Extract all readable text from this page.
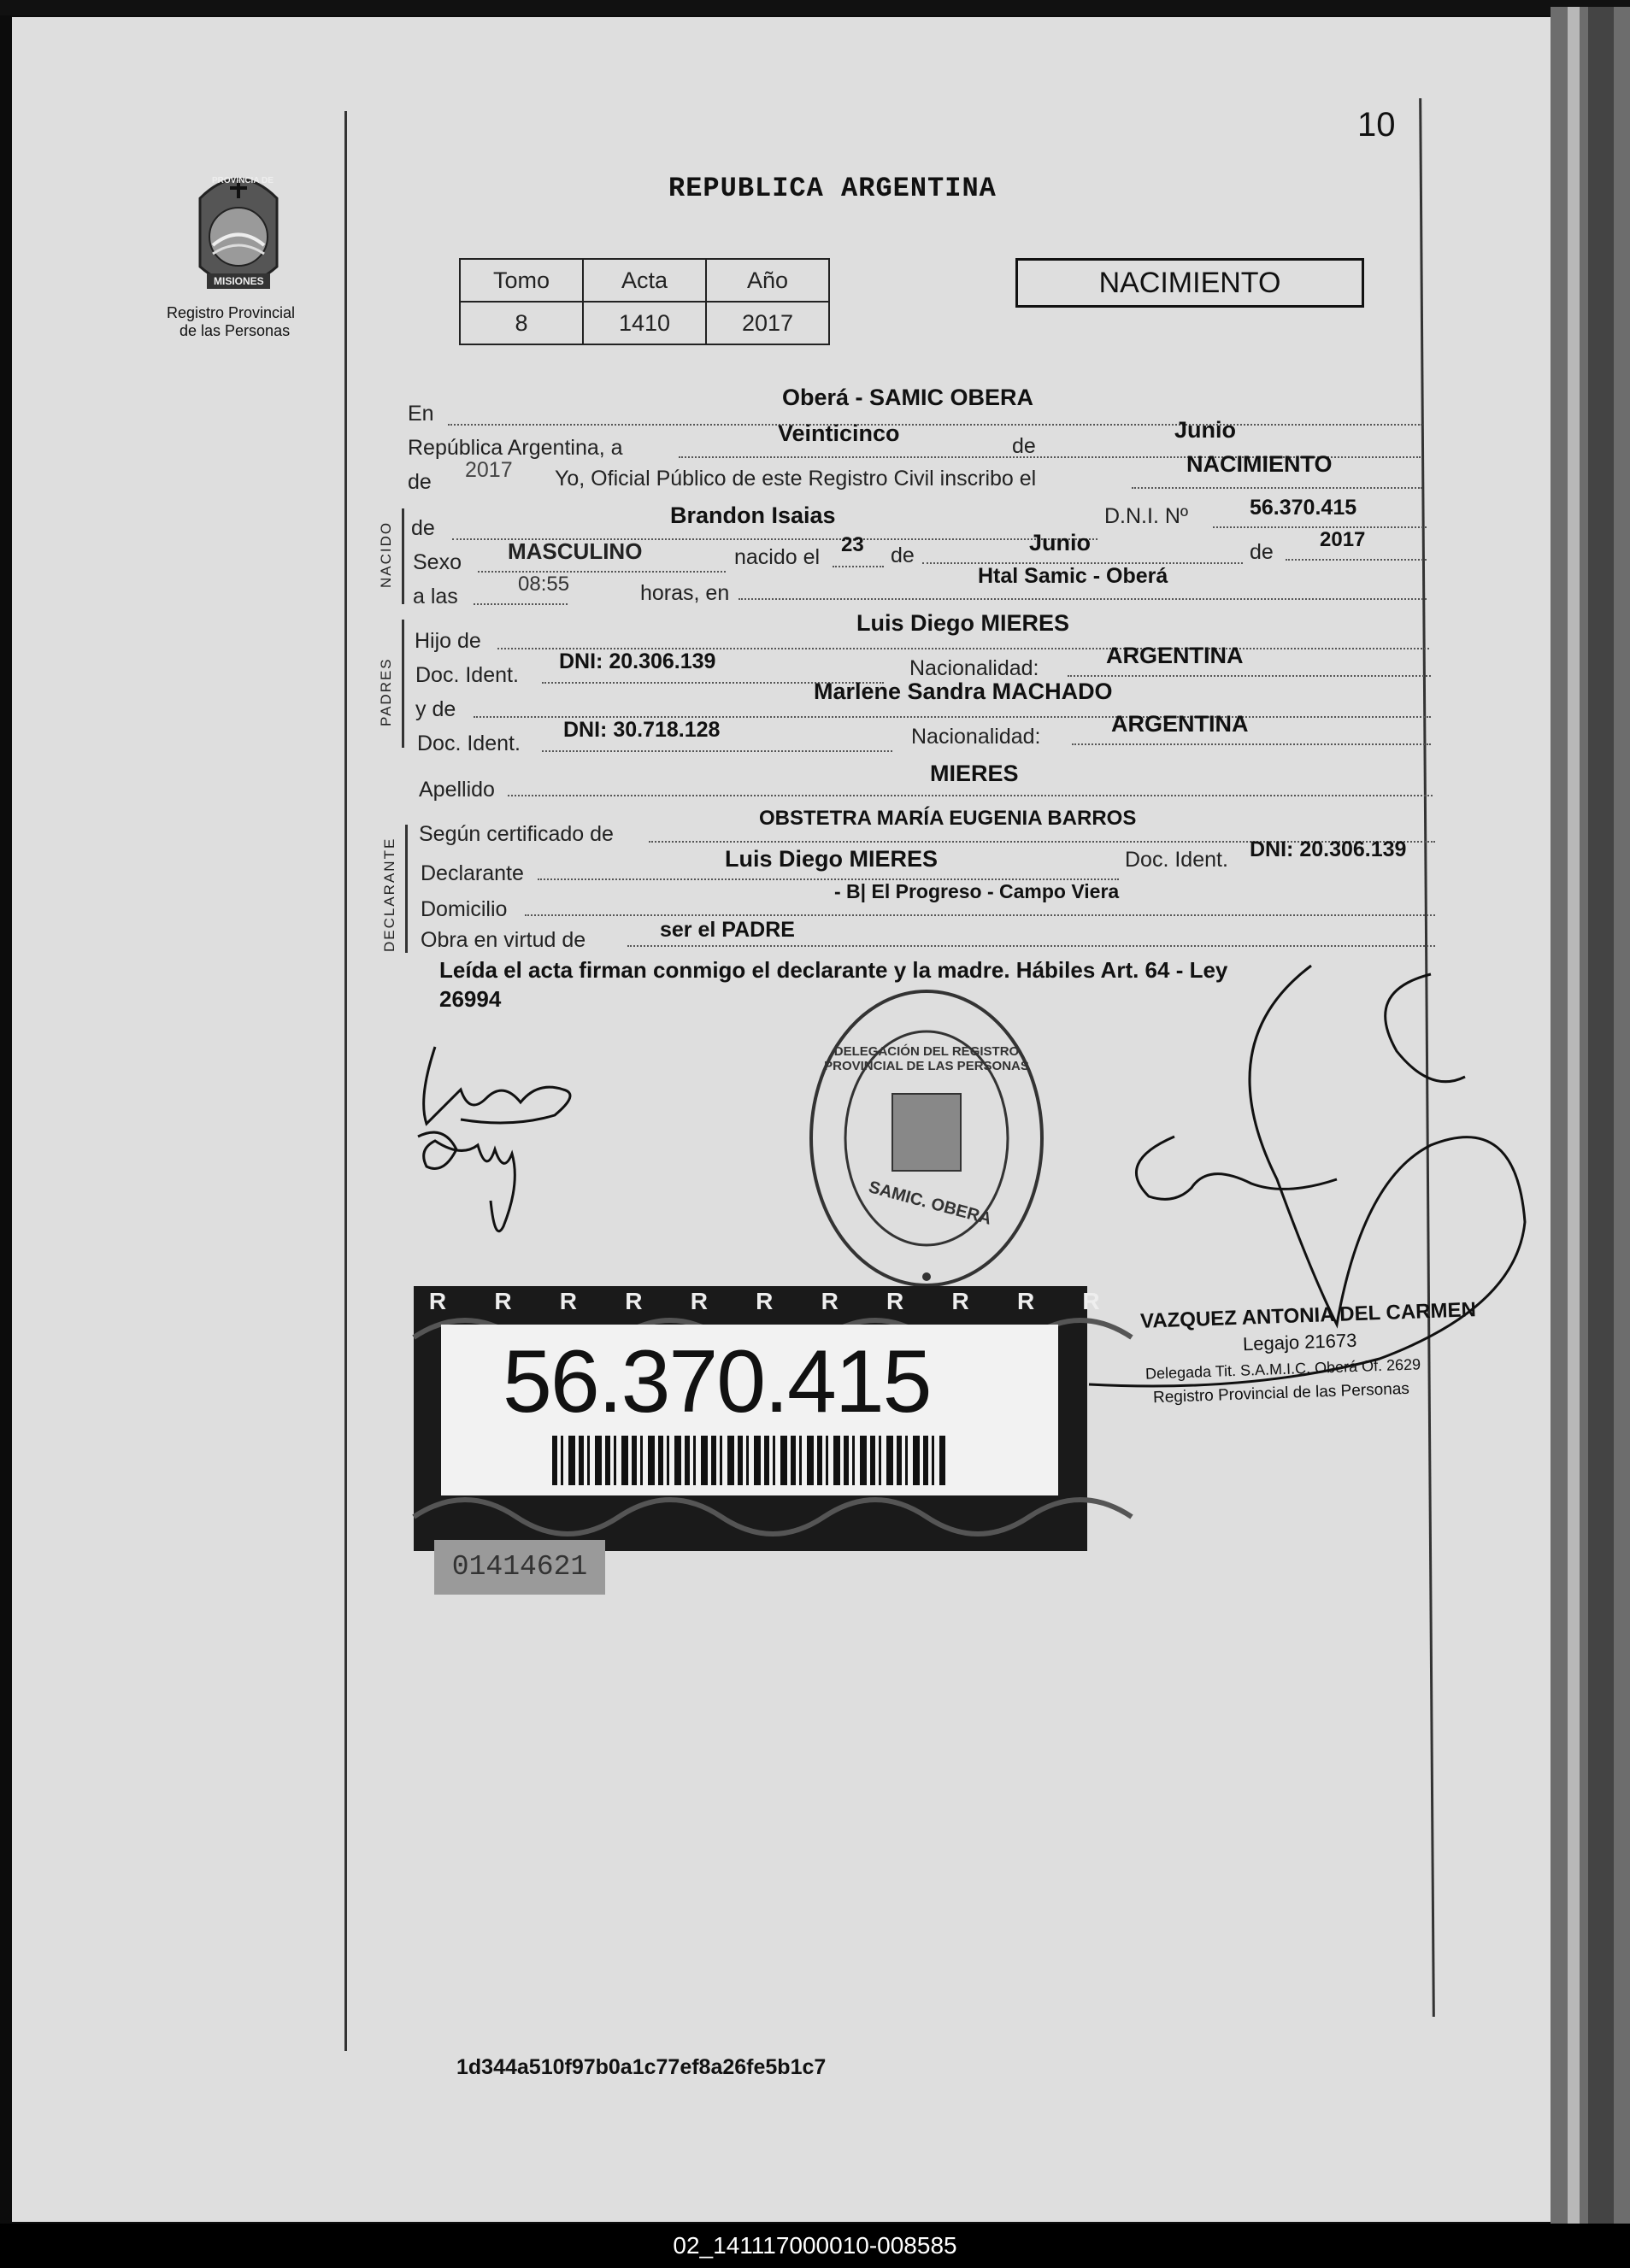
10
PROVINCIA DE
MISIONES
Registro Provincial
de las Personas
REPUBLICA ARGENTINA
Tomo	Acta	Año
8	1410	2017
NACIMIENTO
En
Oberá - SAMIC OBERA
República Argentina, a
Veinticinco	de
Junio
de 2017 Yo, Oficial Público de este Registro Civil inscribo el
NACIMIENTO
NACIDO de	Brandon Isaias	D.N.I. Nº	56.370.415
Sexo MASCULINO	nacido el
23 de	Junio	de
2017
a las
08:55	horas, en
Htal Samic - Oberá
PADRES
Hijo de
Luis Diego MIERES
Doc. Ident.
DNI: 20.306.139	Nacionalidad:	ARGENTINA
y de
Marlene Sandra MACHADO
Doc. Ident.
DNI: 30.718.128	Nacionalidad:	ARGENTINA
Apellido
MIERES
DECLARANTE
Según certificado de
OBSTETRA MARÍA EUGENIA BARROS
Declarante
Luis Diego MIERES	Doc. Ident. DNI: 20.306.139
Domicilio
- B| El Progreso - Campo Viera
Obra en virtud de	ser el PADRE
Leída el acta firman conmigo el declarante y la madre. Hábiles Art. 64 - Ley
26994
DELEGACIÓN DEL REGISTRO PROVINCIAL DE LAS PERSONAS
SAMIC. OBERA
VAZQUEZ ANTONIA DEL CARMEN
Legajo 21673
Delegada Tit. S.A.M.I.C. Oberá Of. 2629
Registro Provincial de las Personas
R R R R R R R R R R R
56.370.415
01414621
1d344a510f97b0a1c77ef8a26fe5b1c7
02_141117000010-008585
